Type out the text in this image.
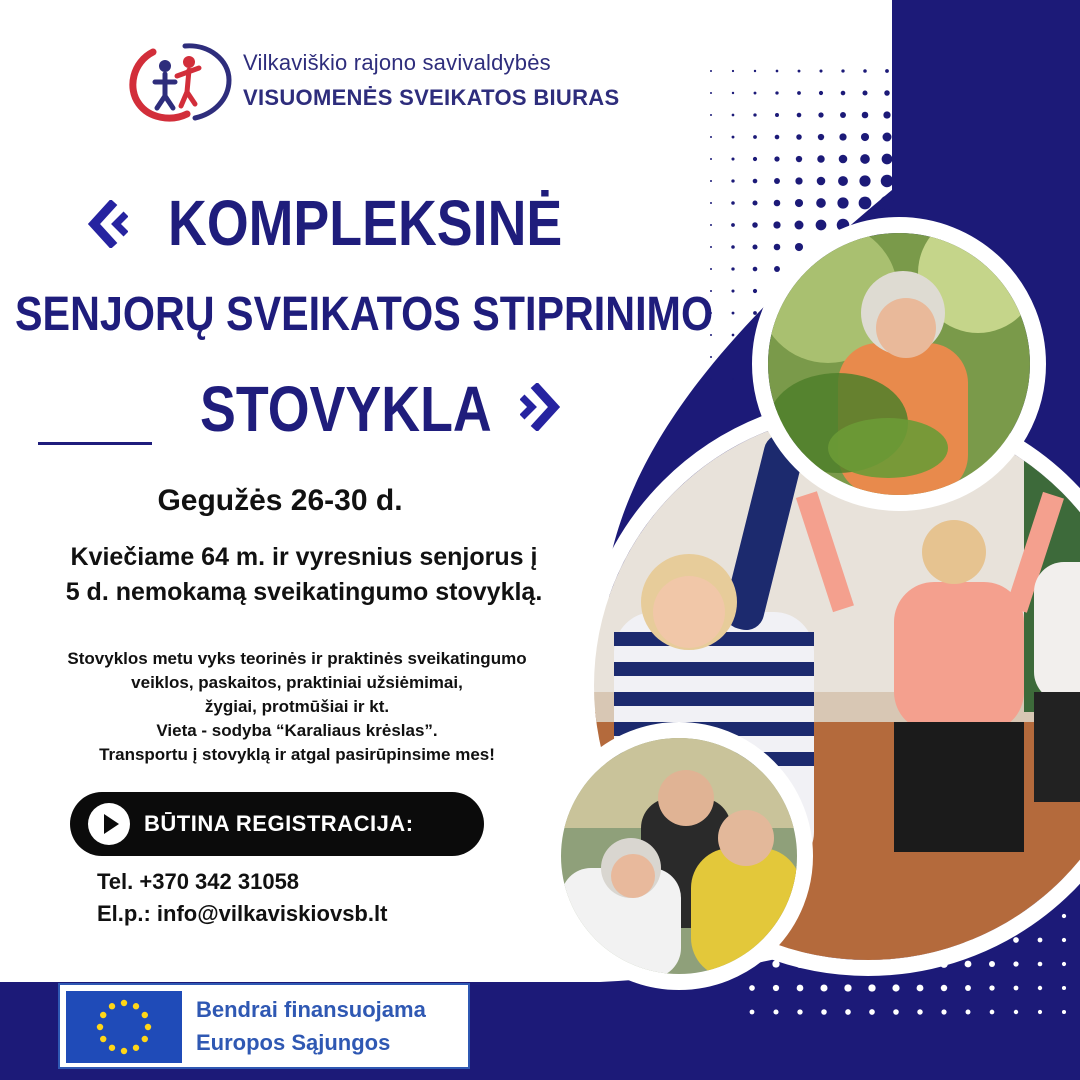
Vilkaviškio rajono savivaldybės
VISUOMENĖS SVEIKATOS BIURAS
KOMPLEKSINĖ
SENJORŲ SVEIKATOS STIPRINIMO
STOVYKLA
Gegužės 26-30 d.
Kviečiame 64 m. ir vyresnius senjorus į
5 d. nemokamą sveikatingumo stovyklą.
Stovyklos metu vyks teorinės ir praktinės sveikatingumo
veiklos, paskaitos, praktiniai užsiėmimai,
žygiai, protmūšiai ir kt.
Vieta - sodyba “Karaliaus krėslas”.
Transportu į stovyklą ir atgal pasirūpinsime mes!
BŪTINA REGISTRACIJA:
Tel. +370 342 31058
El.p.: info@vilkaviskiovsb.lt
Bendrai finansuojama
Europos Sąjungos
